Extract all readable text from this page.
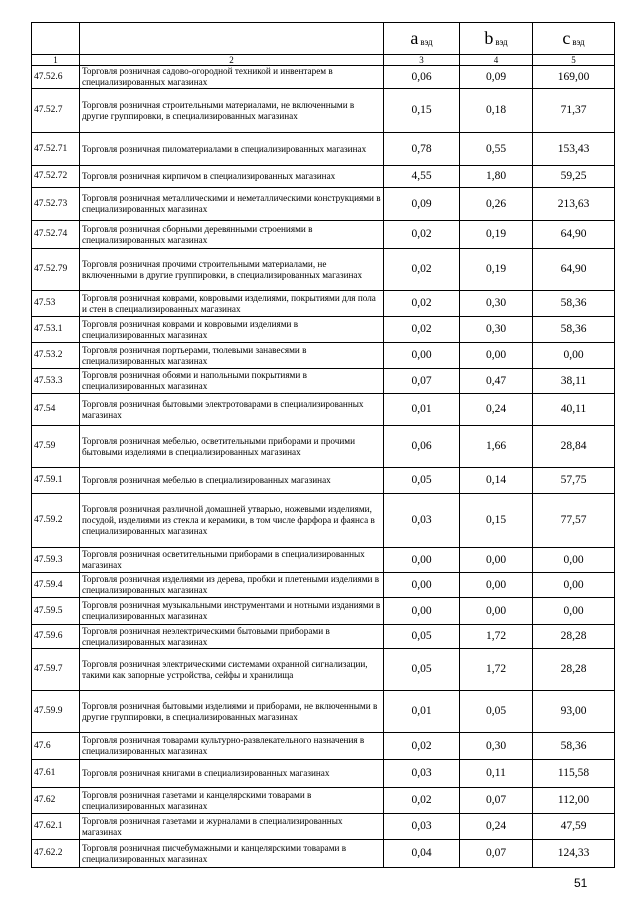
		a $_{вэд}$	b $_{вэд}$	c $_{вэд}$
1	2	3	4	5
47.52.6	Торговля розничная садово-огородной техникой и инвентарем в специализированных магазинах	0,06	0,09	169,00
47.52.7	Торговля розничная строительными материалами, не включенными в другие группировки, в специализированных магазинах	0,15	0,18	71,37
47.52.71	Торговля розничная пиломатериалами в специализированных магазинах	0,78	0,55	153,43
47.52.72	Торговля розничная кирпичом в специализированных магазинах	4,55	1,80	59,25
47.52.73	Торговля розничная металлическими и неметаллическими конструкциями в специализированных магазинах	0,09	0,26	213,63
47.52.74	Торговля розничная сборными деревянными строениями в специализированных магазинах	0,02	0,19	64,90
47.52.79	Торговля розничная прочими строительными материалами, не включенными в другие группировки, в специализированных магазинах	0,02	0,19	64,90
47.53	Торговля розничная коврами, ковровыми изделиями, покрытиями для пола и стен в специализированных магазинах	0,02	0,30	58,36
47.53.1	Торговля розничная коврами и ковровыми изделиями в специализированных магазинах	0,02	0,30	58,36
47.53.2	Торговля розничная портьерами, тюлевыми занавесями в специализированных магазинах	0,00	0,00	0,00
47.53.3	Торговля розничная обоями и напольными покрытиями в специализированных магазинах	0,07	0,47	38,11
47.54	Торговля розничная бытовыми электротоварами в специализированных магазинах	0,01	0,24	40,11
47.59	Торговля розничная мебелью, осветительными приборами и прочими бытовыми изделиями в специализированных магазинах	0,06	1,66	28,84
47.59.1	Торговля розничная мебелью в специализированных магазинах	0,05	0,14	57,75
47.59.2	Торговля розничная различной домашней утварью, ножевыми изделиями, посудой, изделиями из стекла и керамики, в том числе фарфора и фаянса в специализированных магазинах	0,03	0,15	77,57
47.59.3	Торговля розничная осветительными приборами в специализированных магазинах	0,00	0,00	0,00
47.59.4	Торговля розничная изделиями из дерева, пробки и плетеными изделиями в специализированных магазинах	0,00	0,00	0,00
47.59.5	Торговля розничная музыкальными инструментами и нотными изданиями в специализированных магазинах	0,00	0,00	0,00
47.59.6	Торговля розничная неэлектрическими бытовыми приборами в специализированных магазинах	0,05	1,72	28,28
47.59.7	Торговля розничная электрическими системами охранной сигнализации, такими как запорные устройства, сейфы и хранилища	0,05	1,72	28,28
47.59.9	Торговля розничная бытовыми изделиями и приборами, не включенными в другие группировки, в специализированных магазинах	0,01	0,05	93,00
47.6	Торговля розничная товарами культурно-развлекательного назначения в специализированных магазинах	0,02	0,30	58,36
47.61	Торговля розничная книгами в специализированных магазинах	0,03	0,11	115,58
47.62	Торговля розничная газетами и канцелярскими товарами в специализированных магазинах	0,02	0,07	112,00
47.62.1	Торговля розничная газетами и журналами в специализированных магазинах	0,03	0,24	47,59
47.62.2	Торговля розничная писчебумажными и канцелярскими товарами в специализированных магазинах	0,04	0,07	124,33
51
